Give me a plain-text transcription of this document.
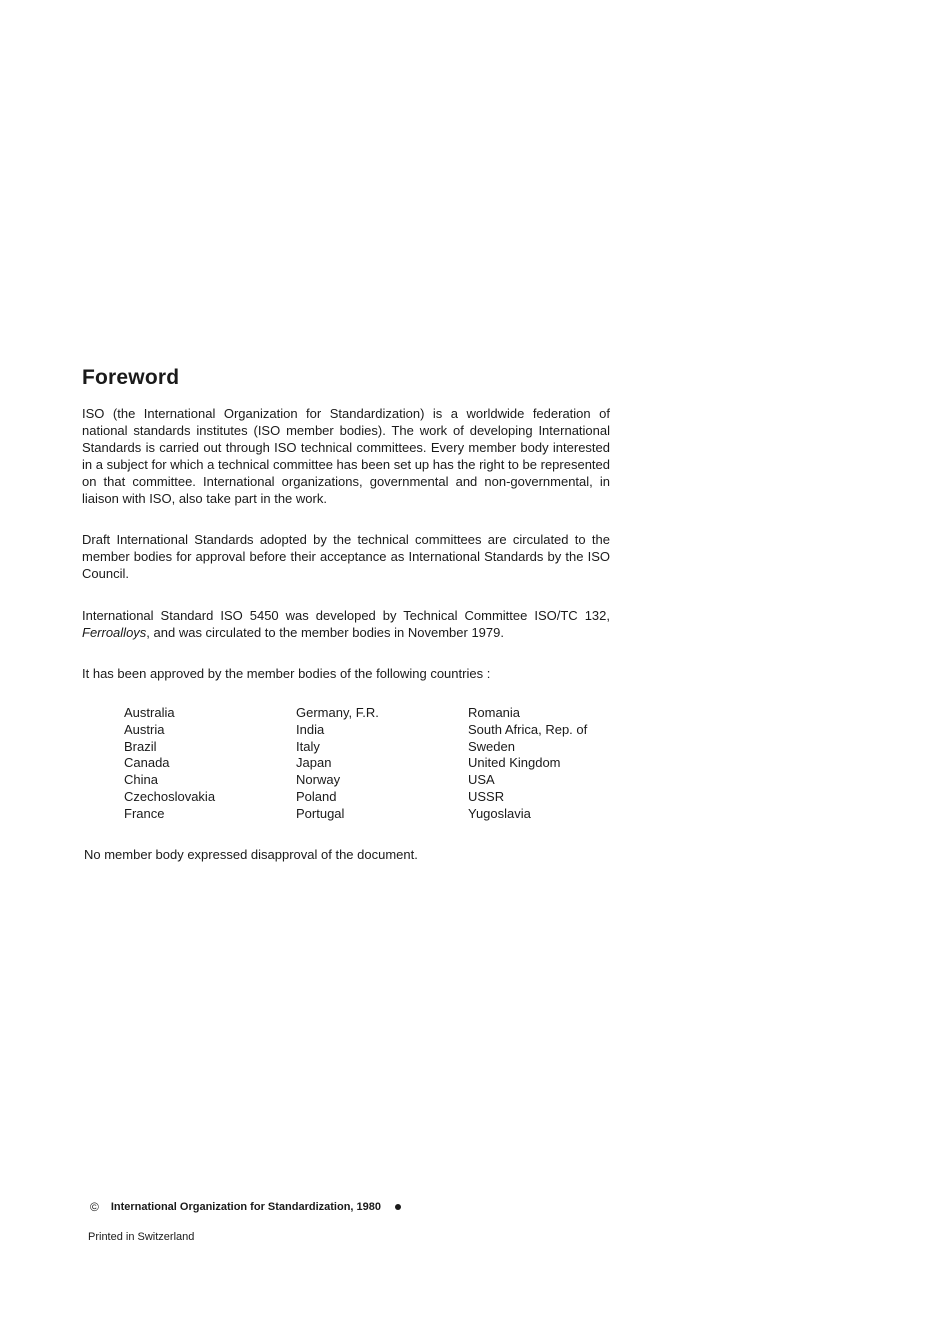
Foreword

ISO (the International Organization for Standardization) is a worldwide federation of national standards institutes (ISO member bodies). The work of developing International Standards is carried out through ISO technical committees. Every member body interested in a subject for which a technical committee has been set up has the right to be represented on that committee. International organizations, governmental and non-governmental, in liaison with ISO, also take part in the work.

Draft International Standards adopted by the technical committees are circulated to the member bodies for approval before their acceptance as International Standards by the ISO Council.

International Standard ISO 5450 was developed by Technical Committee ISO/TC 132, Ferroalloys, and was circulated to the member bodies in November 1979.

It has been approved by the member bodies of the following countries :

Australia
Austria
Brazil
Canada
China
Czechoslovakia
France
Germany, F.R.
India
Italy
Japan
Norway
Poland
Portugal
Romania
South Africa, Rep. of
Sweden
United Kingdom
USA
USSR
Yugoslavia

No member body expressed disapproval of the document.

© International Organization for Standardization, 1980
Printed in Switzerland
